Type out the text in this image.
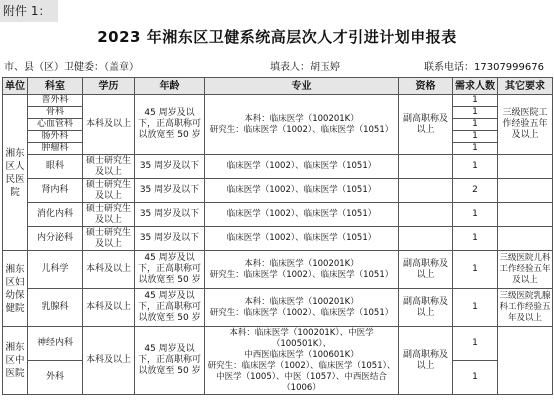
附件 1：
2023 年湘东区卫健系统高层次人才引进计划申报表
市、县（区）卫健委：（盖章）	填表人：胡玉婷	联系电话：17307999676
单位	科室	学历	年龄	专业	资格	需求人数	其它要求
湘东区人民医院	普外科	本科及以上	45 周岁及以下，正高职称可以放宽至 50 岁	本科：临床医学（100201K）
研究生：临床医学（1002）、临床医学（1051）	副高职称及以上	1	三级医院工作经验五年及以上
	骨科					1	
	心血管科					1	
	肠外科					1	
	肿瘤科					1	
	眼科	硕士研究生及以上	35 周岁及以下	临床医学（1002）、临床医学（1051）		1	
	肾内科	硕士研究生及以上	35 周岁及以下	临床医学（1002）、临床医学（1051）		2	
	消化内科	硕士研究生及以上	35 周岁及以下	临床医学（1002）、临床医学（1051）		1	
	内分泌科	硕士研究生及以上	35 周岁及以下	临床医学（1002）、临床医学（1051）		1	
湘东区妇幼保健院	儿科学	本科及以上	45 周岁及以下，正高职称可以放宽至 50 岁	本科：临床医学（100201K）
研究生：临床医学（1002）、临床医学（1051）	副高职称及以上	1	三级医院儿科工作经验五年及以上
	乳腺科	本科及以上	45 周岁及以下，正高职称可以放宽至 50 岁	本科：临床医学（100201K）
研究生：临床医学（1002）、临床医学（1051）	副高职称及以上	1	三级医院乳腺科工作经验五年及以上
湘东区中医院	神经内科	本科及以上	45 周岁及以下，正高职称可以放宽至 50 岁	本科：临床医学（100201K）、中医学（100501K）、
中西医临床医学（100601K）
研究生：临床医学（1002）、临床医学（1051）、
中医学（1005）、中医（1057）、中西医结合
（1006）	副高职称及以上	1	
	外科					1	
